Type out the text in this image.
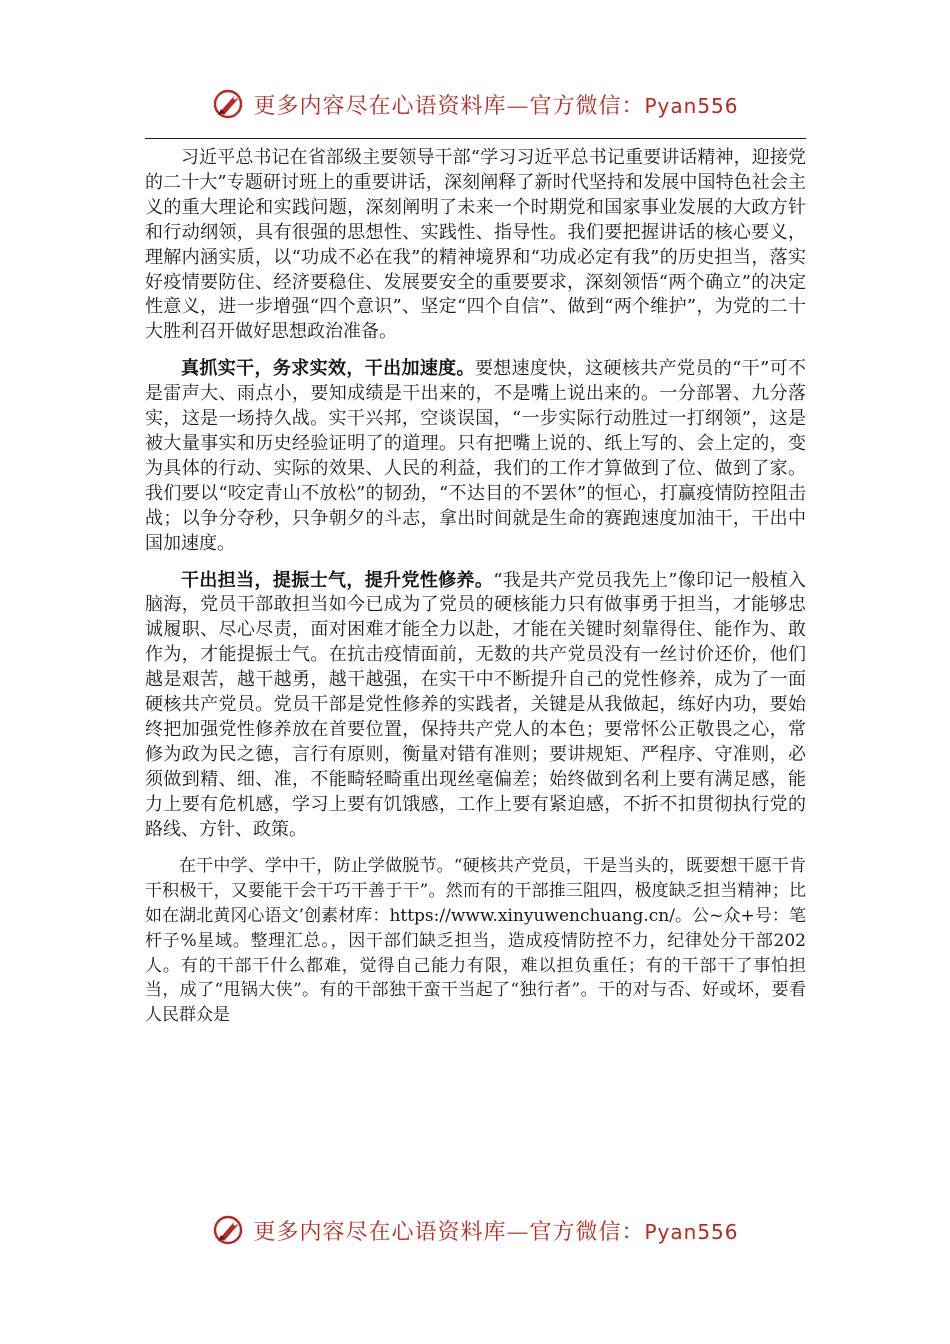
更多内容尽在心语资料库—官方微信：Pyan556

习近平总书记在省部级主要领导干部“学习习近平总书记重要讲话精神，迎接党的二十大”专题研讨班上的重要讲话，深刻阐释了新时代坚持和发展中国特色社会主义的重大理论和实践问题，深刻阐明了未来一个时期党和国家事业发展的大政方针和行动纲领，具有很强的思想性、实践性、指导性。我们要把握讲话的核心要义，理解内涵实质，以“功成不必在我”的精神境界和“功成必定有我”的历史担当，落实好疫情要防住、经济要稳住、发展要安全的重要要求，深刻领悟“两个确立”的决定性意义，进一步增强“四个意识”、坚定“四个自信”、做到“两个维护”，为党的二十大胜利召开做好思想政治准备。

真抓实干，务求实效，干出加速度。要想速度快，这硬核共产党员的“干”可不是雷声大、雨点小，要知成绩是干出来的，不是嘴上说出来的。一分部署、九分落实，这是一场持久战。实干兴邦，空谈误国，“一步实际行动胜过一打纲领”，这是被大量事实和历史经验证明了的道理。只有把嘴上说的、纸上写的、会上定的，变为具体的行动、实际的效果、人民的利益，我们的工作才算做到了位、做到了家。我们要以“咬定青山不放松”的韧劲，“不达目的不罢休”的恒心，打赢疫情防控阻击战；以争分夺秒，只争朝夕的斗志，拿出时间就是生命的赛跑速度加油干，干出中国加速度。

干出担当，提振士气，提升党性修养。“我是共产党员我先上”像印记一般植入脑海，党员干部敢担当如今已成为了党员的硬核能力只有做事勇于担当，才能够忠诚履职、尽心尽责，面对困难才能全力以赴，才能在关键时刻靠得住、能作为、敢作为，才能提振士气。在抗击疫情面前，无数的共产党员没有一丝讨价还价，他们越是艰苦，越干越勇，越干越强，在实干中不断提升自己的党性修养，成为了一面硬核共产党员。党员干部是党性修养的实践者，关键是从我做起，练好内功，要始终把加强党性修养放在首要位置，保持共产党人的本色；要常怀公正敬畏之心，常修为政为民之德，言行有原则，衡量对错有准则；要讲规矩、严程序、守准则，必须做到精、细、准，不能畸轻畸重出现丝毫偏差；始终做到名利上要有满足感，能力上要有危机感，学习上要有饥饿感，工作上要有紧迫感，不折不扣贯彻执行党的路线、方针、政策。

在干中学、学中干，防止学做脱节。“硬核共产党员，干是当头的，既要想干愿干肯干积极干，又要能干会干巧干善于干”。然而有的干部推三阻四，极度缺乏担当精神；比如在湖北黄冈心语文’创素材库：https://www.xinyuwenchuang.cn/。公~众+号：笔杆子%星域。整理汇总。，因干部们缺乏担当，造成疫情防控不力，纪律处分干部202人。有的干部干什么都难，觉得自己能力有限，难以担负重任；有的干部干了事怕担当，成了“甩锅大侠”。有的干部独干蛮干当起了“独行者”。干的对与否、好或坏，要看人民群众是

更多内容尽在心语资料库—官方微信：Pyan556
